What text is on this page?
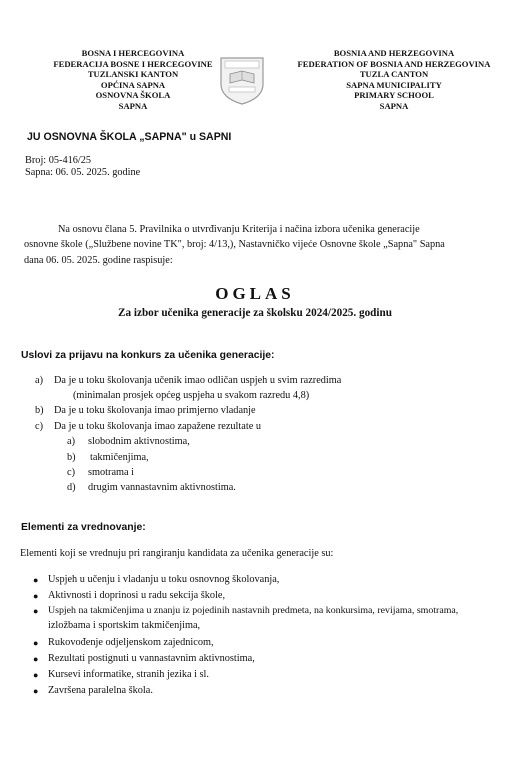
BOSNA I HERCEGOVINA
FEDERACIJA BOSNE I HERCEGOVINE
TUZLANSKI KANTON
OPĆINA SAPNA
OSNOVNA ŠKOLA
SAPNA
BOSNIA AND HERZEGOVINA
FEDERATION OF BOSNIA AND HERZEGOVINA
TUZLA CANTON
SAPNA MUNICIPALITY
PRIMARY SCHOOL
SAPNA
JU OSNOVNA ŠKOLA „SAPNA" u SAPNI
Broj: 05-416/25
Sapna: 06. 05. 2025. godine
Na osnovu člana 5. Pravilnika o utvrđivanju Kriterija i načina izbora učenika generacije
osnovne škole („Službene novine TK", broj: 4/13,), Nastavničko vijeće Osnovne škole „Sapna" Sapna
dana 06. 05. 2025. godine raspisuje:
OGLAS
Za izbor učenika generacije za školsku 2024/2025. godinu
Uslovi za prijavu na konkurs za učenika generacije:
a) Da je u toku školovanja učenik imao odličan uspjeh u svim razredima
(minimalan prosjek općeg uspjeha u svakom razredu 4,8)
b) Da je u toku školovanja imao primjerno vladanje
c) Da je u toku školovanja imao zapažene rezultate u
a) slobodnim aktivnostima,
b) takmičenjima,
c) smotrama i
d) drugim vannastavnim aktivnostima.
Elementi za vrednovanje:
Elementi koji se vrednuju pri rangiranju kandidata za učenika generacije su:
● Uspjeh u učenju i vladanju u toku osnovnog školovanja,
● Aktivnosti i doprinosi u radu sekcija škole,
● Uspjeh na takmičenjima u znanju iz pojedinih nastavnih predmeta, na konkursima, revijama, smotrama,
izložbama i sportskim takmičenjima,
● Rukovođenje odjeljenskom zajednicom,
● Rezultati postignuti u vannastavnim aktivnostima,
● Kursevi informatike, stranih jezika i sl.
● Završena paralelna škola.
